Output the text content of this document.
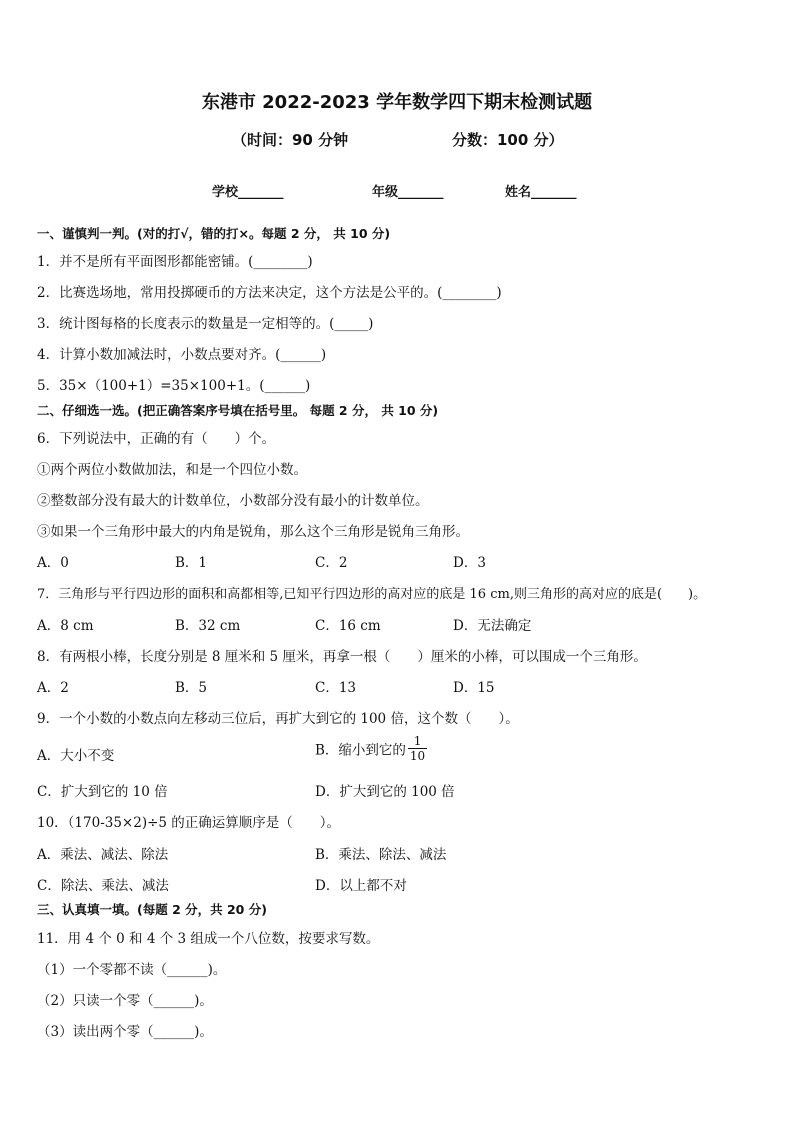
东港市 2022-2023 学年数学四下期末检测试题
（时间：90 分钟	分数：100 分）
学校_______	年级_______	姓名_______
一、谨慎判一判。(对的打√，错的打×。每题 2 分， 共 10 分)
1．并不是所有平面图形都能密铺。(________)
2．比赛选场地，常用投掷硬币的方法来决定，这个方法是公平的。(________)
3．统计图每格的长度表示的数量是一定相等的。(_____)
4．计算小数加减法时，小数点要对齐。(______)
5．35×（100+1）=35×100+1。(______)
二、仔细选一选。(把正确答案序号填在括号里。 每题 2 分， 共 10 分)
6．下列说法中，正确的有（　　）个。
①两个两位小数做加法，和是一个四位小数。
②整数部分没有最大的计数单位，小数部分没有最小的计数单位。
③如果一个三角形中最大的内角是锐角，那么这个三角形是锐角三角形。
A．0	B．1	C．2	D．3
7．三角形与平行四边形的面积和高都相等,已知平行四边形的高对应的底是 16 cm,则三角形的高对应的底是(　　)。
A．8 cm	B．32 cm	C．16 cm	D．无法确定
8．有两根小棒，长度分别是 8 厘米和 5 厘米，再拿一根（　　）厘米的小棒，可以围成一个三角形。
A．2	B．5	C．13	D．15
9．一个小数的小数点向左移动三位后，再扩大到它的 100 倍，这个数（　　）。
A．大小不变	B．缩小到它的 $\frac{1}{10}$
C．扩大到它的 10 倍	D．扩大到它的 100 倍
10．（170-35×2)÷5 的正确运算顺序是（　　）。
A．乘法、减法、除法	B．乘法、除法、减法
C．除法、乘法、减法	D．以上都不对
三、认真填一填。(每题 2 分，共 20 分)
11．用 4 个 0 和 4 个 3 组成一个八位数，按要求写数。
（1）一个零都不读（______)。
（2）只读一个零（______)。
（3）读出两个零（______)。
